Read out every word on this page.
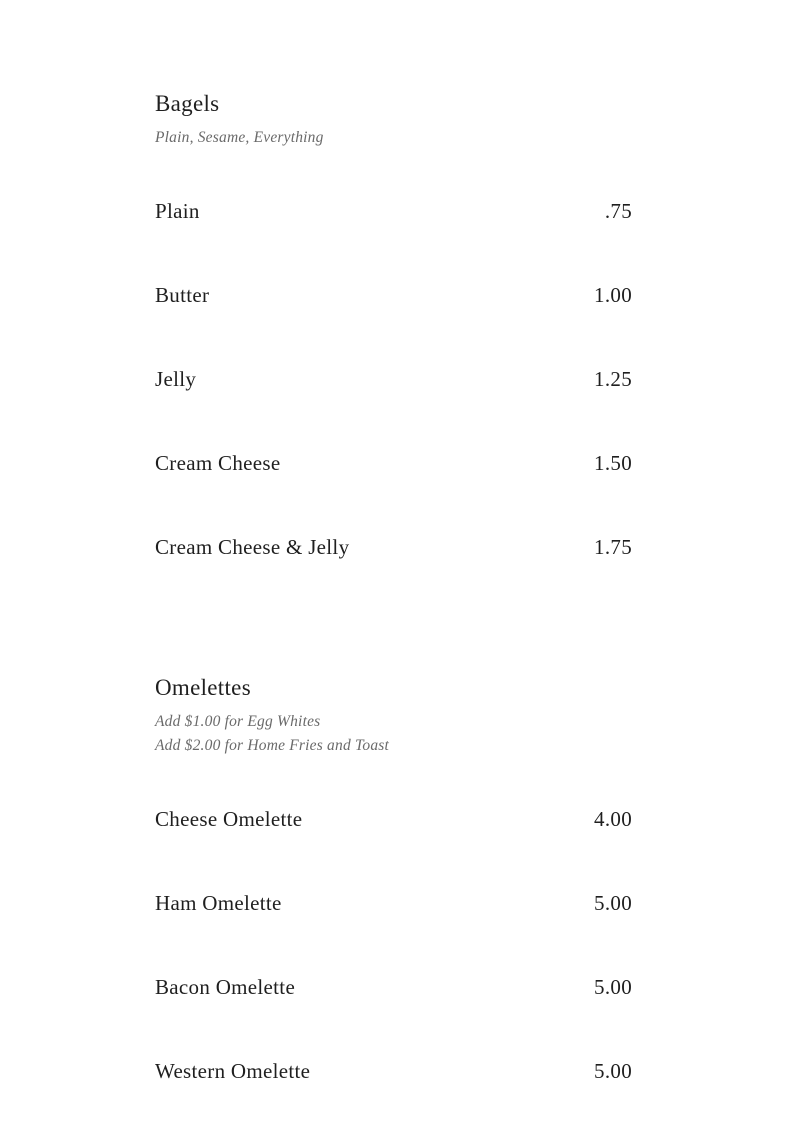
Bagels
Plain, Sesame, Everything
Plain	.75
Butter	1.00
Jelly	1.25
Cream Cheese	1.50
Cream Cheese & Jelly	1.75
Omelettes
Add $1.00 for Egg Whites
Add $2.00 for Home Fries and Toast
Cheese Omelette	4.00
Ham Omelette	5.00
Bacon Omelette	5.00
Western Omelette	5.00
